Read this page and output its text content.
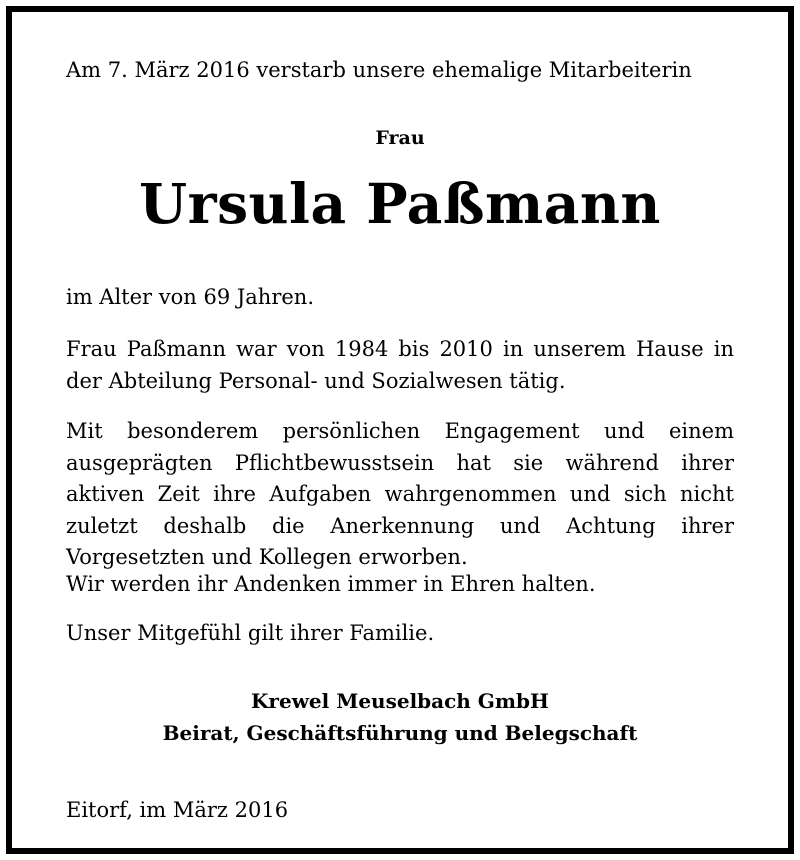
Am 7. März 2016 verstarb unsere ehemalige Mitarbeiterin
Frau
Ursula Paßmann
im Alter von 69 Jahren.
Frau Paßmann war von 1984 bis 2010 in unserem Hause in der Abteilung Personal- und Sozialwesen tätig.
Mit besonderem persönlichen Engagement und einem ausgeprägten Pflichtbewusstsein hat sie während ihrer aktiven Zeit ihre Aufgaben wahrgenommen und sich nicht zuletzt deshalb die Anerkennung und Achtung ihrer Vorgesetzten und Kollegen erworben.
Wir werden ihr Andenken immer in Ehren halten.
Unser Mitgefühl gilt ihrer Familie.
Krewel Meuselbach GmbH
Beirat, Geschäftsführung und Belegschaft
Eitorf, im März 2016
